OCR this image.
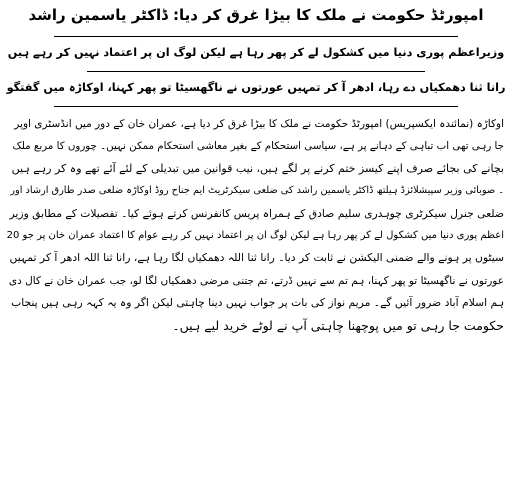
امپورٹڈ حکومت نے ملک کا بیڑا غرق کر دیا: ڈاکٹر یاسمین راشد
وزیراعظم پوری دنیا میں کشکول لے کر پھر رہا ہے لیکن لوگ ان پر اعتماد نہیں کر رہے ہیں
رانا ثنا دھمکیاں دے رہا، ادھر آ کر تمہیں عورتوں نے ناگھسیٹا تو پھر کہنا، اوکاڑہ میں گفتگو
اوکاڑہ (نمائندہ ایکسپریس) امپورٹڈ حکومت نے ملک کا بیڑا غرق کر دیا ہے، عمران خان کے دور میں انڈسٹری اوپر
جا رہی تھی اب تباہی کے دہانے پر ہے، سیاسی استحکام کے بغیر معاشی استحکام ممکن نہیں۔ چوروں کا مربع ملک
بچانے کی بجائے صرف اپنے کیسز ختم کرنے پر لگے ہیں، نیب قوانین میں تبدیلی کے لئے آئے تھے وہ کر رہے ہیں
۔ صوبائی وزیر سپیشلائزڈ ہیلتھ ڈاکٹر یاسمین راشد کی ضلعی سیکرٹریٹ ایم جناح روڈ اوکاڑہ ضلعی صدر طارق ارشاد اور
ضلعی جنرل سیکرٹری چوہدری سلیم صادق کے ہمراہ پریس کانفرنس کرتے ہوئے کیا۔ تفصیلات کے مطابق وزیر
اعظم پوری دنیا میں کشکول لے کر پھر رہا ہے لیکن لوگ ان پر اعتماد نہیں کر رہے عوام کا اعتماد عمران خان پر جو 20
سیٹوں پر ہونے والے ضمنی الیکشن نے ثابت کر دیا۔ رانا ثنا اللہ دھمکیاں لگا رہا ہے، رانا ثنا اللہ ادھر آ کر تمہیں
عورتوں نے ناگھسیٹا تو پھر کہنا، ہم تم سے نہیں ڈرتے، تم جتنی مرضی دھمکیاں لگا لو، جب عمران خان نے کال دی
ہم اسلام آباد ضرور آئیں گے۔ مریم نواز کی بات پر جواب نہیں دینا چاہتی لیکن اگر وہ یہ کہہ رہی ہیں پنجاب
حکومت جا رہی تو میں پوچھنا چاہتی آپ نے لوٹے خرید لیے ہیں۔
